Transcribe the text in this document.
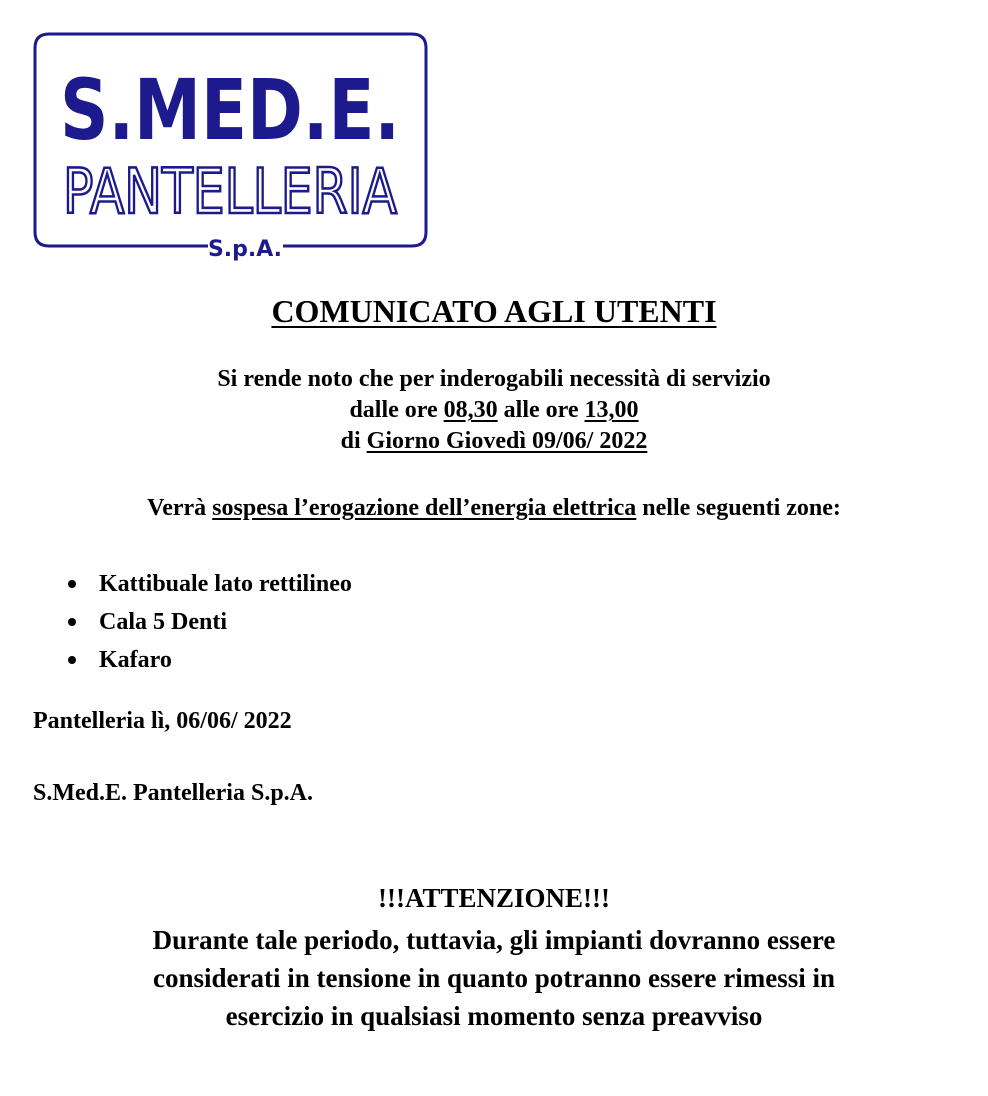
S.MED.E.
PANTELLERIA
S.p.A.
COMUNICATO AGLI UTENTI
Si rende noto che per inderogabili necessità di servizio
dalle ore 08,30 alle ore 13,00
di Giorno Giovedì 09/06/ 2022
Verrà sospesa l’erogazione dell’energia elettrica nelle seguenti zone:
Kattibuale lato rettilineo
Cala 5 Denti
Kafaro
Pantelleria lì, 06/06/ 2022
S.Med.E. Pantelleria S.p.A.
!!!ATTENZIONE!!!
Durante tale periodo, tuttavia, gli impianti dovranno essere
considerati in tensione in quanto potranno essere rimessi in
esercizio in qualsiasi momento senza preavviso
